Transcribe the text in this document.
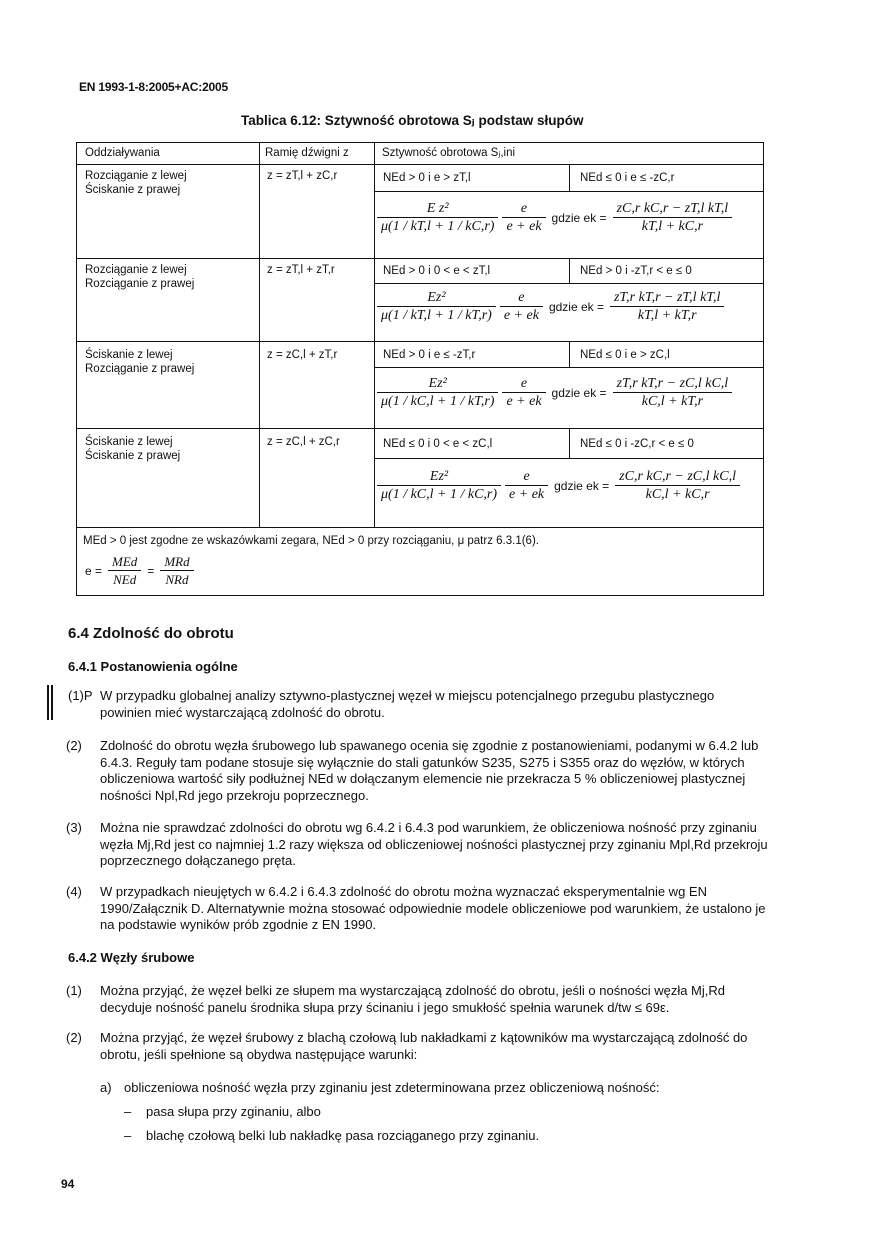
EN 1993-1-8:2005+AC:2005
Tablica 6.12: Sztywność obrotowa Sⱼ podstaw słupów
Oddziaływania	Ramię dźwigni z	Sztywność obrotowa Sⱼ,ini
Rozciąganie z lewej
Ściskanie z prawej
z = zT,l + zC,r	NEd > 0 i e > zT,l	NEd ≤ 0 i e ≤ -zC,r
$\frac{\text{E z²}}{\mu(1 / kT,l + 1 / kC,r)} \frac{e}{e + ek}$ gdzie ek = $\frac{\text{zC,r kC,r − zT,l kT,l}}{kT,l + kC,r}$
Rozciąganie z lewej
Rozciąganie z prawej
z = zT,l + zT,r	NEd > 0 i 0 < e < zT,l	NEd > 0 i -zT,r < e ≤ 0
$\frac{\text{Ez²}}{\mu(1 / kT,l + 1 / kT,r)} \frac{e}{e + ek}$ gdzie ek = $\frac{\text{zT,r kT,r − zT,l kT,l}}{kT,l + kT,r}$
Ściskanie z lewej
Rozciąganie z prawej
z = zC,l + zT,r	NEd > 0 i e ≤ -zT,r	NEd ≤ 0 i e > zC,l
$\frac{\text{Ez²}}{\mu(1 / kC,l + 1 / kT,r)} \frac{e}{e + ek}$ gdzie ek = $\frac{\text{zT,r kT,r − zC,l kC,l}}{kC,l + kT,r}$
Ściskanie z lewej
Ściskanie z prawej
z = zC,l + zC,r	NEd ≤ 0 i 0 < e < zC,l	NEd ≤ 0 i -zC,r < e ≤ 0
$\frac{\text{Ez²}}{\mu(1 / kC,l + 1 / kC,r)} \frac{e}{e + ek}$ gdzie ek = $\frac{\text{zC,r kC,r − zC,l kC,l}}{kC,l + kC,r}$
MEd > 0 jest zgodne ze wskazówkami zegara, NEd > 0 przy rozciąganiu, μ patrz 6.3.1(6).
$e = \frac{\text{MEd}}{\text{NEd}} = \frac{\text{MRd}}{\text{NRd}}$
6.4 Zdolność do obrotu
6.4.1 Postanowienia ogólne
(1)P W przypadku globalnej analizy sztywno-plastycznej węzeł w miejscu potencjalnego przegubu plastycznego powinien mieć wystarczającą zdolność do obrotu.
(2) Zdolność do obrotu węzła śrubowego lub spawanego ocenia się zgodnie z postanowieniami, podanymi w 6.4.2 lub 6.4.3. Reguły tam podane stosuje się wyłącznie do stali gatunków S235, S275 i S355 oraz do węzłów, w których obliczeniowa wartość siły podłużnej NEd w dołączanym elemencie nie przekracza 5 % obliczeniowej plastycznej nośności Npl,Rd jego przekroju poprzecznego.
(3) Można nie sprawdzać zdolności do obrotu wg 6.4.2 i 6.4.3 pod warunkiem, że obliczeniowa nośność przy zginaniu węzła Mj,Rd jest co najmniej 1.2 razy większa od obliczeniowej nośności plastycznej przy zginaniu Mpl,Rd przekroju poprzecznego dołączanego pręta.
(4) W przypadkach nieujętych w 6.4.2 i 6.4.3 zdolność do obrotu można wyznaczać eksperymentalnie wg EN 1990/Załącznik D. Alternatywnie można stosować odpowiednie modele obliczeniowe pod warunkiem, że ustalono je na podstawie wyników prób zgodnie z EN 1990.
6.4.2 Węzły śrubowe
(1) Można przyjąć, że węzeł belki ze słupem ma wystarczającą zdolność do obrotu, jeśli o nośności węzła Mj,Rd decyduje nośność panelu środnika słupa przy ścinaniu i jego smukłość spełnia warunek d/tw ≤ 69ε.
(2) Można przyjąć, że węzeł śrubowy z blachą czołową lub nakładkami z kątowników ma wystarczającą zdolność do obrotu, jeśli spełnione są obydwa następujące warunki:
a) obliczeniowa nośność węzła przy zginaniu jest zdeterminowana przez obliczeniową nośność:
– pasa słupa przy zginaniu, albo
– blachę czołową belki lub nakładkę pasa rozciąganego przy zginaniu.
94
